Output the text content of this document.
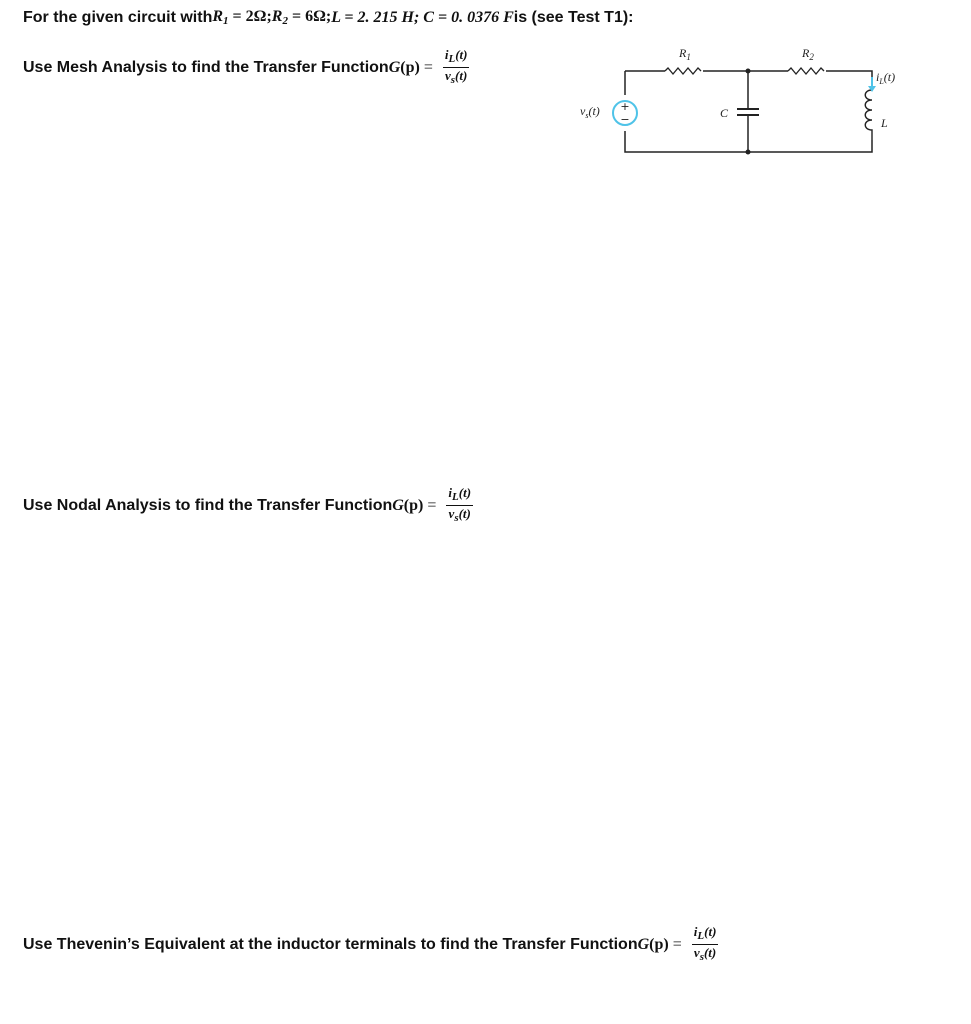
For the given circuit with $R_1 = 2\Omega$; $R_2 = 6\Omega$; L = 2. 215 H; C = 0. 0376 F is (see Test T1):
Use Mesh Analysis to find the Transfer Function $G(p) = \frac{i_L(t)}{v_s(t)}$
Use Nodal Analysis to find the Transfer Function $G(p) = \frac{i_L(t)}{v_s(t)}$
Use Thevenin’s Equivalent at the inductor terminals to find the Transfer Function $G(p) = \frac{i_L(t)}{v_s(t)}$
+
−
$R_1$	$R_2$
C
L
$v_s(t)$
$i_L(t)$
